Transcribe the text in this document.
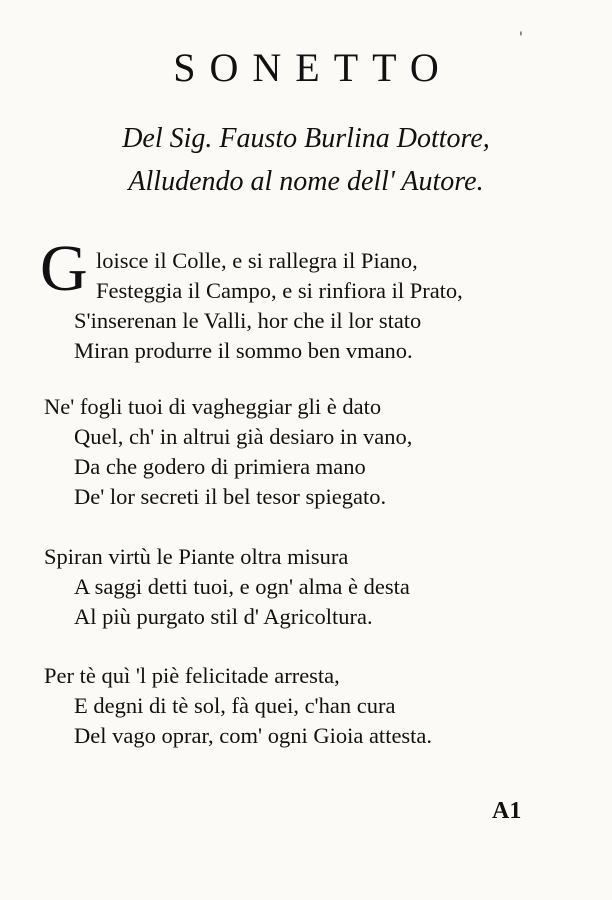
'
SONETTO
Del Sig. Fausto Burlina Dottore,
Alludendo al nome dell' Autore.
G loisce il Colle, e si rallegra il Piano,
Festeggia il Campo, e si rinfiora il Prato,
S'inserenan le Valli, hor che il lor stato
Miran produrre il sommo ben vmano.
Ne' fogli tuoi di vagheggiar gli è dato
Quel, ch' in altrui già desiaro in vano,
Da che godero di primiera mano
De' lor secreti il bel tesor spiegato.
Spiran virtù le Piante oltra misura
A saggi detti tuoi, e ogn' alma è desta
Al più purgato stil d' Agricoltura.
Per tè quì 'l piè felicitade arresta,
E degni di tè sol, fà quei, c'han cura
Del vago oprar, com' ogni Gioia attesta.
A1
